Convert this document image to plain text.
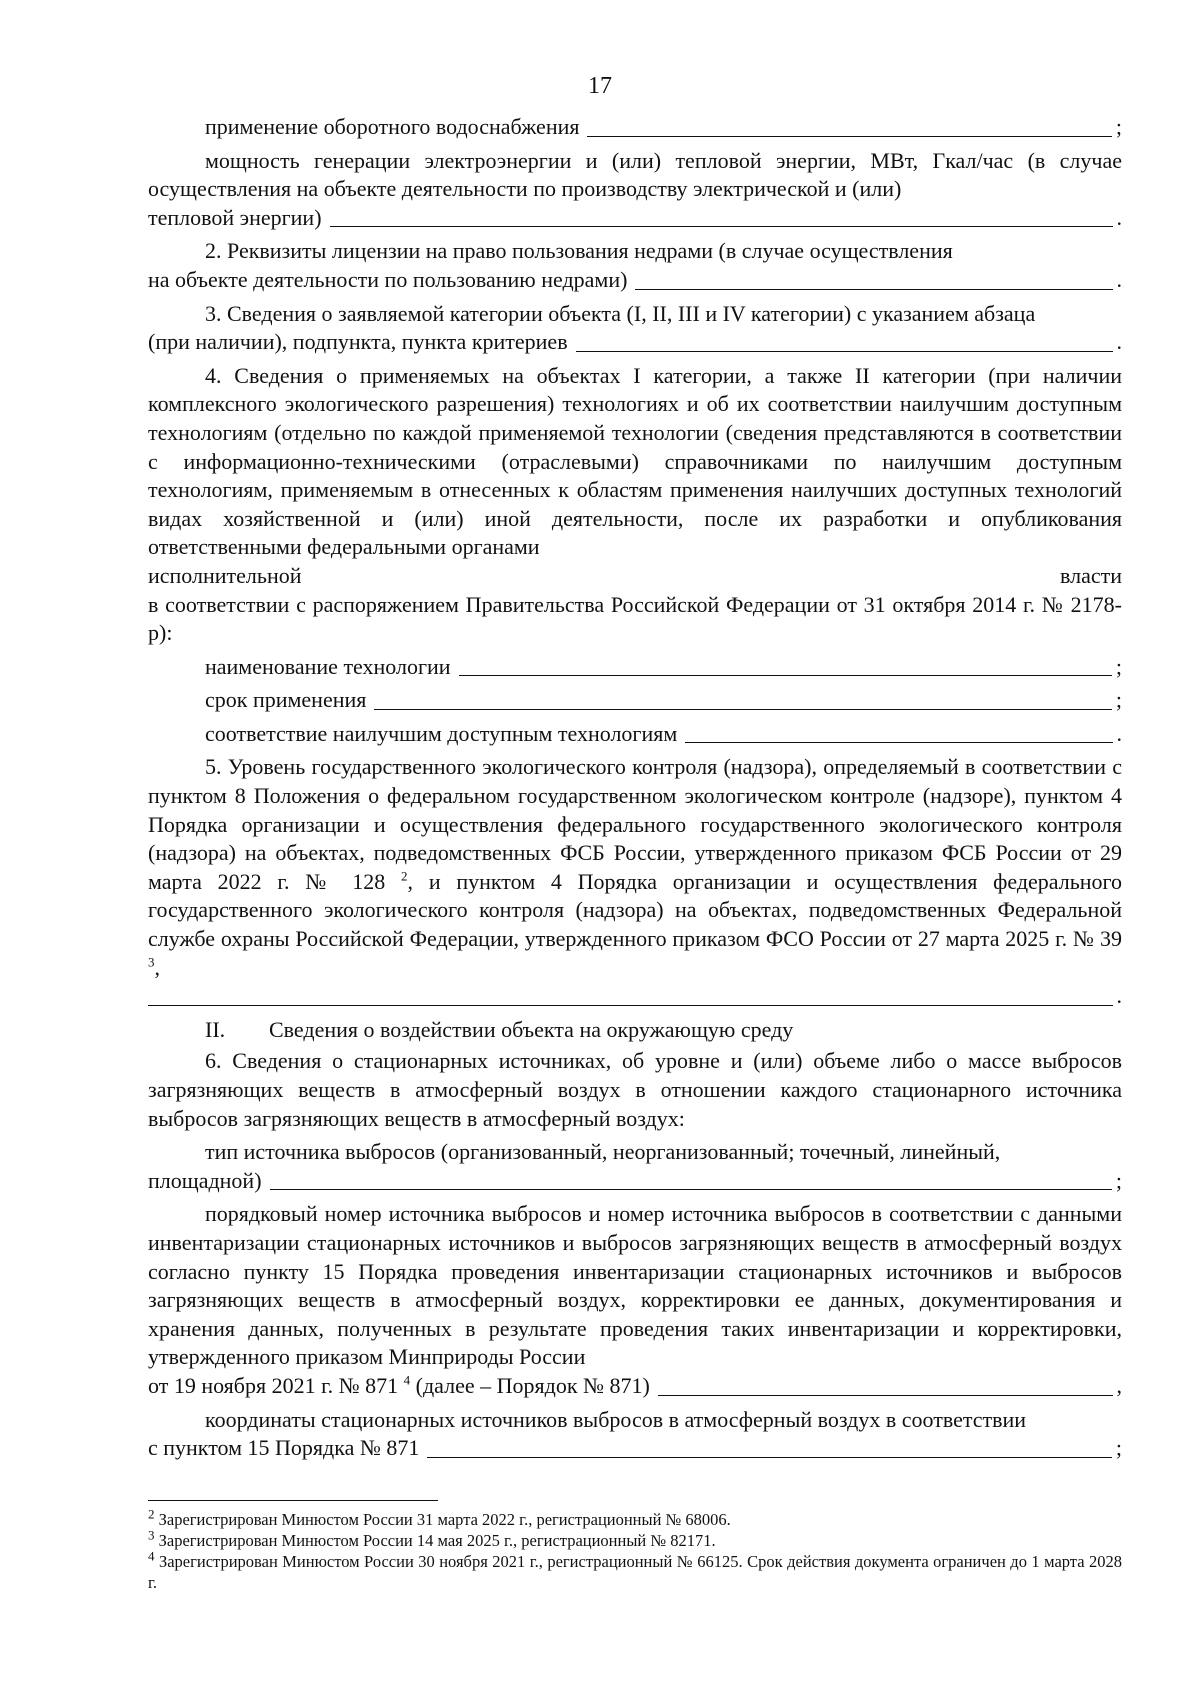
17
применение оборотного водоснабжения	;

мощность генерации электроэнергии и (или) тепловой энергии, МВт, Гкал/час (в случае осуществления на объекте деятельности по производству электрической и (или)

тепловой энергии)	.

2. Реквизиты лицензии на право пользования недрами (в случае осуществления

на объекте деятельности по пользованию недрами)	.

3. Сведения о заявляемой категории объекта (I, II, III и IV категории) с указанием абзаца

(при наличии), подпункта, пункта критериев	.

4. Сведения о применяемых на объектах I категории, а также II категории (при наличии комплексного экологического разрешения) технологиях и об их соответствии наилучшим доступным технологиям (отдельно по каждой применяемой технологии (сведения представляются в соответствии с информационно-техническими (отраслевыми) справочниками по наилучшим доступным технологиям, применяемым в отнесенных к областям применения наилучших доступных технологий видах хозяйственной и (или) иной деятельности, после их разработки и опубликования ответственными федеральными органами

исполнительной	власти

в соответствии с распоряжением Правительства Российской Федерации от 31 октября 2014 г. № 2178-р):

наименование технологии	;
срок применения	;
соответствие наилучшим доступным технологиям	.

5. Уровень государственного экологического контроля (надзора), определяемый в соответствии с пунктом 8 Положения о федеральном государственном экологическом контроле (надзоре), пунктом 4 Порядка организации и осуществления федерального государственного экологического контроля (надзора) на объектах, подведомственных ФСБ России, утвержденного приказом ФСБ России от 29 марта 2022 г. № 128 $^2$, и пунктом 4 Порядка организации и осуществления федерального государственного экологического контроля (надзора) на объектах, подведомственных Федеральной службе охраны Российской Федерации, утвержденного приказом ФСО России от 27 марта 2025 г. № 39 $^3$,

.
II.	Сведения о воздействии объекта на окружающую среду

6. Сведения о стационарных источниках, об уровне и (или) объеме либо о массе выбросов загрязняющих веществ в атмосферный воздух в отношении каждого стационарного источника выбросов загрязняющих веществ в атмосферный воздух:

тип источника выбросов (организованный, неорганизованный; точечный, линейный,

площадной)	;

порядковый номер источника выбросов и номер источника выбросов в соответствии с данными инвентаризации стационарных источников и выбросов загрязняющих веществ в атмосферный воздух согласно пункту 15 Порядка проведения инвентаризации стационарных источников и выбросов загрязняющих веществ в атмосферный воздух, корректировки ее данных, документирования и хранения данных, полученных в результате проведения таких инвентаризации и корректировки, утвержденного приказом Минприроды России

от 19 ноября 2021 г. № 871 $^4$ (далее – Порядок № 871)	,

координаты стационарных источников выбросов в атмосферный воздух в соответствии

с пунктом 15 Порядка № 871	;

$^2$ Зарегистрирован Минюстом России 31 марта 2022 г., регистрационный № 68006.

$^3$ Зарегистрирован Минюстом России 14 мая 2025 г., регистрационный № 82171.

$^4$ Зарегистрирован Минюстом России 30 ноября 2021 г., регистрационный № 66125. Срок действия документа ограничен до 1 марта 2028 г.
